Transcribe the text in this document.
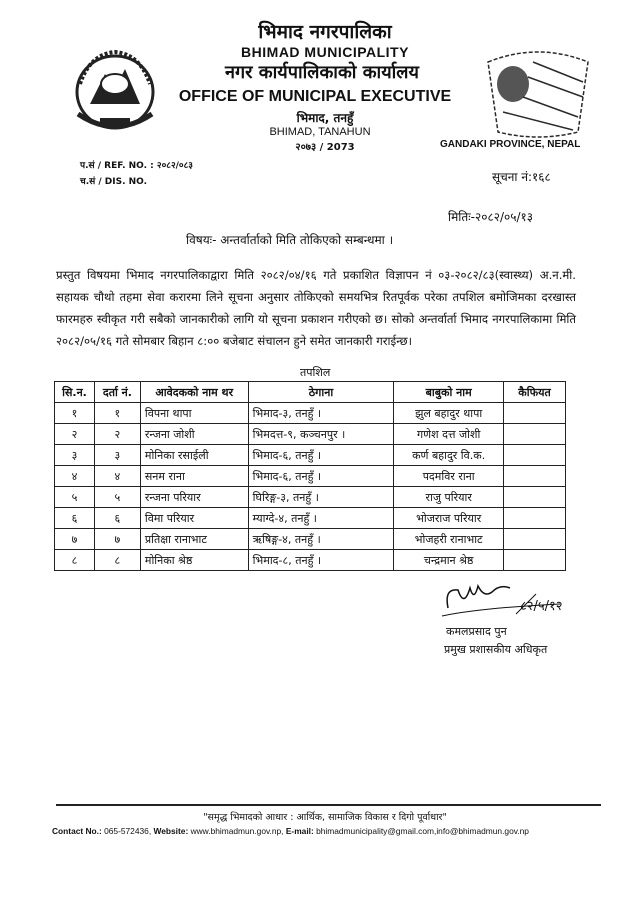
भिमाद नगरपालिका
BHIMAD MUNICIPALITY
नगर कार्यपालिकाको कार्यालय
OFFICE OF MUNICIPAL EXECUTIVE
भिमाद, तनहुँ
BHIMAD, TANAHUN
२०७३ / 2073	GANDAKI PROVINCE, NEPAL
प.सं / REF. NO. : २०८२/०८३
च.सं / DIS. NO.	सूचना नं:१६८
मितिः-२०८२/०५/१३
विषयः- अन्तर्वार्ताको मिति तोकिएको सम्बन्धमा ।
प्रस्तुत विषयमा भिमाद नगरपालिकाद्वारा मिति २०८२/०४/१६ गते प्रकाशित विज्ञापन नं ०३-२०८२/८३(स्वास्थ्य) अ.न.मी. सहायक चौथो तहमा सेवा करारमा लिने सूचना अनुसार तोकिएको समयभित्र रितपूर्वक परेका तपशिल बमोजिमका दरखास्त फारमहरु स्वीकृत गरी सबैको जानकारीको लागि यो सूचना प्रकाशन गरीएको छ। सोको अन्तर्वार्ता भिमाद नगरपालिकामा मिति २०८२/०५/१६ गते सोमबार बिहान ८:०० बजेबाट संचालन हुने समेत जानकारी गराईन्छ।
तपशिल
सि.न.	दर्ता नं.	आवेदकको नाम थर	ठेगाना	बाबुको नाम	कैफियत
१	१	विपना थापा	भिमाद-३, तनहुँ ।	झुल बहादुर थापा	
२	२	रन्जना जोशी	भिमदत्त-९, कञ्चनपुर ।	गणेश दत्त जोशी	
३	३	मोनिका रसाईली	भिमाद-६, तनहुँ ।	कर्ण बहादुर वि.क.	
४	४	सनम राना	भिमाद-६, तनहुँ ।	पदमविर राना	
५	५	रन्जना परियार	घिरिङ्ग-३, तनहुँ ।	राजु परियार	
६	६	विमा परियार	म्याग्दे-४, तनहुँ ।	भोजराज परियार	
७	७	प्रतिक्षा रानाभाट	ऋषिङ्ग-४, तनहुँ ।	भोजहरी रानाभाट	
८	८	मोनिका श्रेष्ठ	भिमाद-८, तनहुँ ।	चन्द्रमान श्रेष्ठ	
८२/५/१२
कमलप्रसाद पुन
प्रमुख प्रशासकीय अधिकृत
"समृद्ध भिमादको आधार : आर्थिक, सामाजिक विकास र दिगो पूर्वाधार"
Contact No.: 065-572436, Website: www.bhimadmun.gov.np, E-mail: bhimadmunicipality@gmail.com,info@bhimadmun.gov.np
